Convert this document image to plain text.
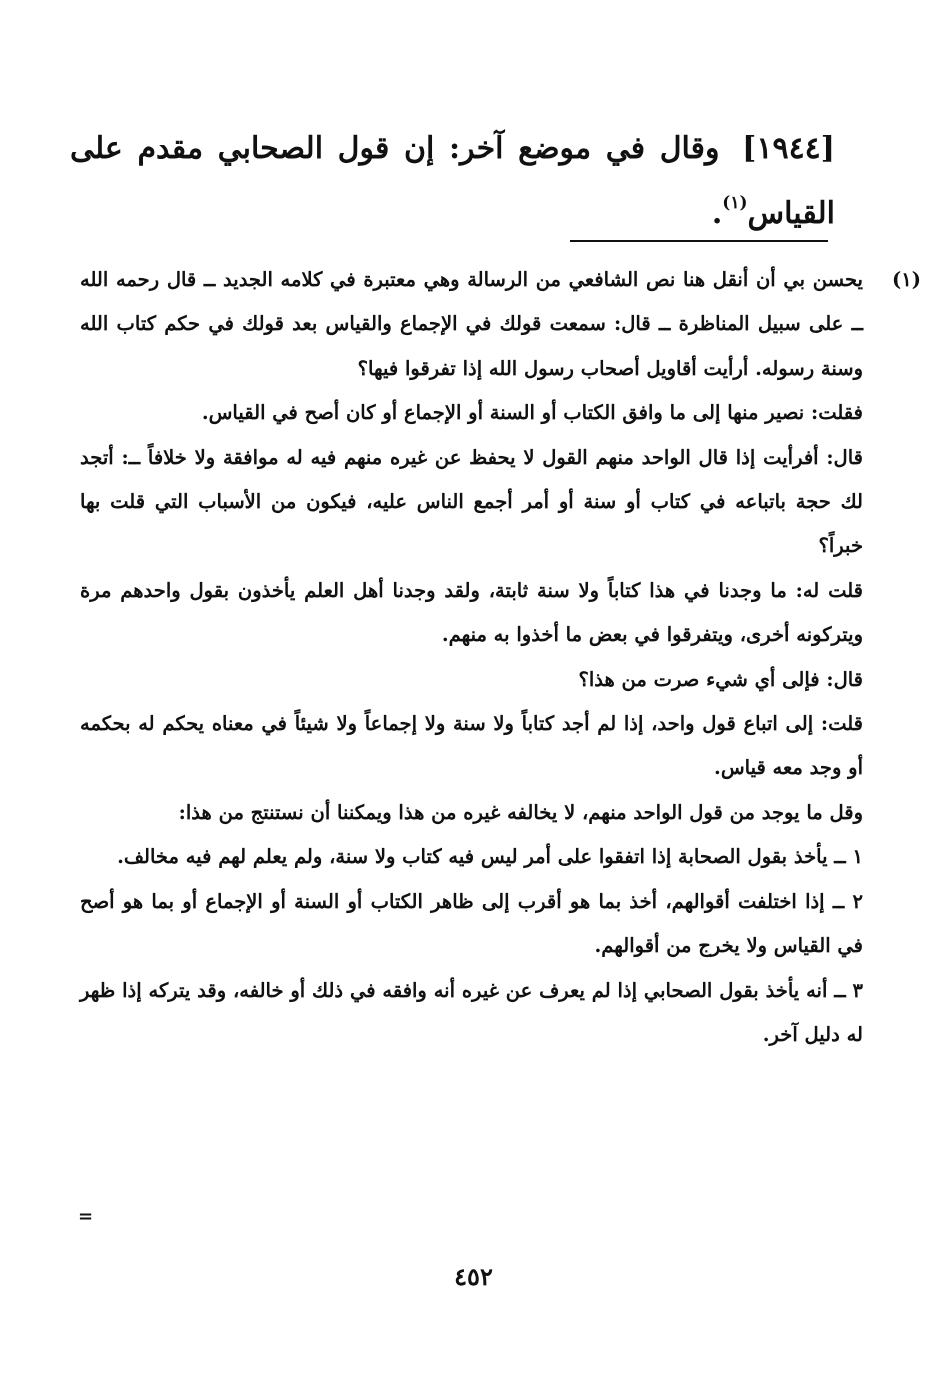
[١٩٤٤] وقال في موضع آخر: إن قول الصحابي مقدم على القياس$^{(١)}$.
(١)

يحسن بي أن أنقل هنا نص الشافعي من الرسالة وهي معتبرة في كلامه الجديد ــ قال رحمه الله ــ على سبيل المناظرة ــ قال: سمعت قولك في الإجماع والقياس بعد قولك في حكم كتاب الله وسنة رسوله. أرأيت أقاويل أصحاب رسول الله إذا تفرقوا فيها؟

فقلت: نصير منها إلى ما وافق الكتاب أو السنة أو الإجماع أو كان أصح في القياس.

قال: أفرأيت إذا قال الواحد منهم القول لا يحفظ عن غيره منهم فيه له موافقة ولا خلافاً ــ: أتجد لك حجة باتباعه في كتاب أو سنة أو أمر أجمع الناس عليه، فيكون من الأسباب التي قلت بها خبراً؟

قلت له: ما وجدنا في هذا كتاباً ولا سنة ثابتة، ولقد وجدنا أهل العلم يأخذون بقول واحدهم مرة ويتركونه أخرى، ويتفرقوا في بعض ما أخذوا به منهم.

قال: فإلى أي شيء صرت من هذا؟

قلت: إلى اتباع قول واحد، إذا لم أجد كتاباً ولا سنة ولا إجماعاً ولا شيئاً في معناه يحكم له بحكمه أو وجد معه قياس.

وقل ما يوجد من قول الواحد منهم، لا يخالفه غيره من هذا ويمكننا أن نستنتج من هذا:

١ ــ يأخذ بقول الصحابة إذا اتفقوا على أمر ليس فيه كتاب ولا سنة، ولم يعلم لهم فيه مخالف.

٢ ــ إذا اختلفت أقوالهم، أخذ بما هو أقرب إلى ظاهر الكتاب أو السنة أو الإجماع أو بما هو أصح في القياس ولا يخرج من أقوالهم.

٣ ــ أنه يأخذ بقول الصحابي إذا لم يعرف عن غيره أنه وافقه في ذلك أو خالفه، وقد يتركه إذا ظهر له دليل آخر.

=
٤٥٢
